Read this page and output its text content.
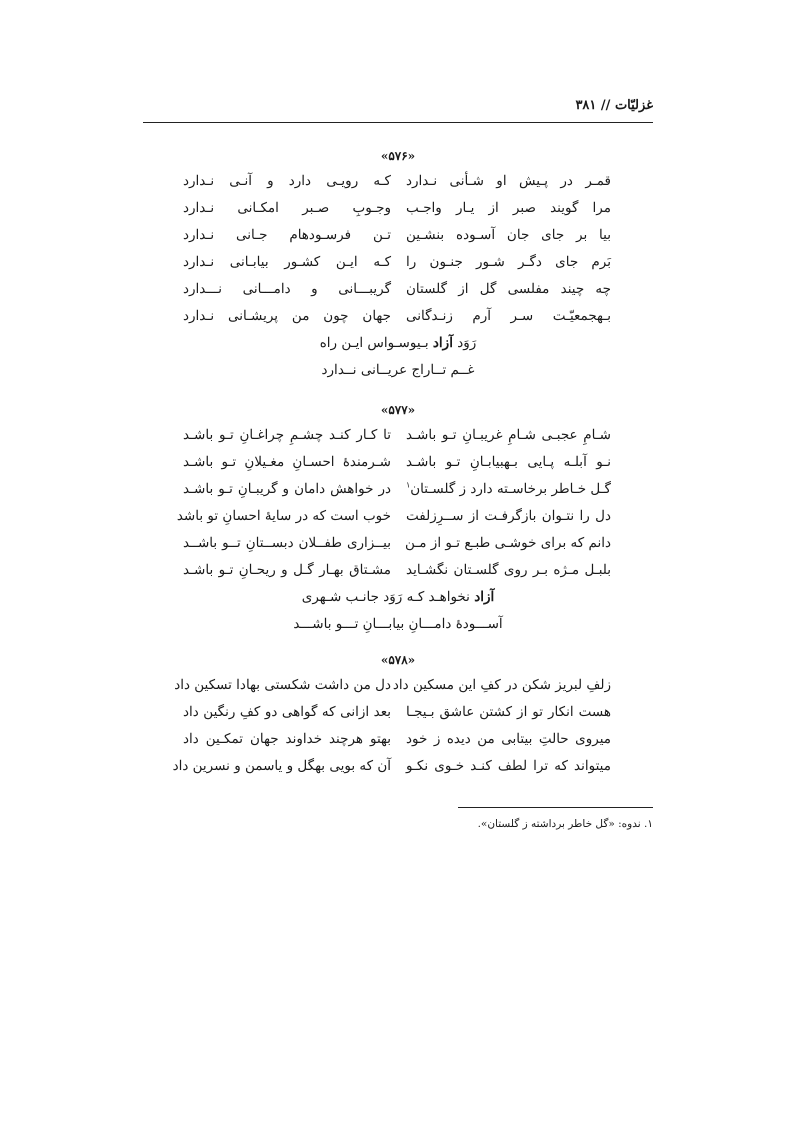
غزلیّات // ۳۸۱
«۵۷۶»
قمـر در پـیش او شـأنی نـدارد
کـه رویـی دارد و آنـی نـدارد
مرا گویند صبر از یـار واجـب
وجـوبِ صـبر امکـانی نـدارد
بیا بر جای جان آسـوده بنشـین
تـن فرسـودهام جـانی نـدارد
بَرم جای دگـر شـور جنـون را
کـه ایـن کشـور بیابـانی نـدارد
چه چیند مفلسی گل از گلستان
گریبـــانی و دامـــانی نـــدارد
بـهجمعیّـت سـر آرم زنـدگانی
جهان چون من پریشـانی نـدارد
رَوَد آزاد بـیوسـواس ایـن راه
غــم تــاراج عریــانی نــدارد
«۵۷۷»
شـامِ عجبـی شـامِ غریبـانِ تـو باشـد
تا کـار کنـد چشـمِ چراغـانِ تـو باشـد
نـو آبلـه پـایی بـهبیابـانِ تـو باشـد
شـرمندهٔ احسـانِ مغـیلانِ تـو باشـد
گـل خـاطر برخاسـته دارد ز گلسـتان$^۱$
در خواهش دامان و گریبـانِ تـو باشـد
دل را نتـوان بازگرفـت از ســرِزلفت
خوب است که در سایهٔ احسانِ تو باشد
دانم که برای خوشـی طبـع تـو از مـن
بیــزاری طفــلان دبســتانِ تــو باشــد
بلبـل مـژه بـر روی گلسـتان نگشـاید
مشـتاق بهـار گـل و ریحـانِ تـو باشـد
آزاد نخواهـد کـه رَوَد جانـب شـهری
آســـودهٔ دامـــانِ بیابـــانِ تـــو باشـــد
«۵۷۸»
زلفِ لبریز شکن در کفِ این مسکین داد
دل من داشت شکستی بهادا تسکین داد
هست انکار تو از کشتن عاشق بـیجـا
بعد ازانی که گواهی دو کفِ رنگین داد
میروی حالتِ بیتابی من دیده ز خود
بهتو هرچند خداوند جهان تمکـین داد
میتواند که ترا لطف کنـد خـوی نکـو
آن که بویی بهگل و یاسمن و نسرین داد
۱. ندوه: «گل خاطر برداشته ز گلستان».
